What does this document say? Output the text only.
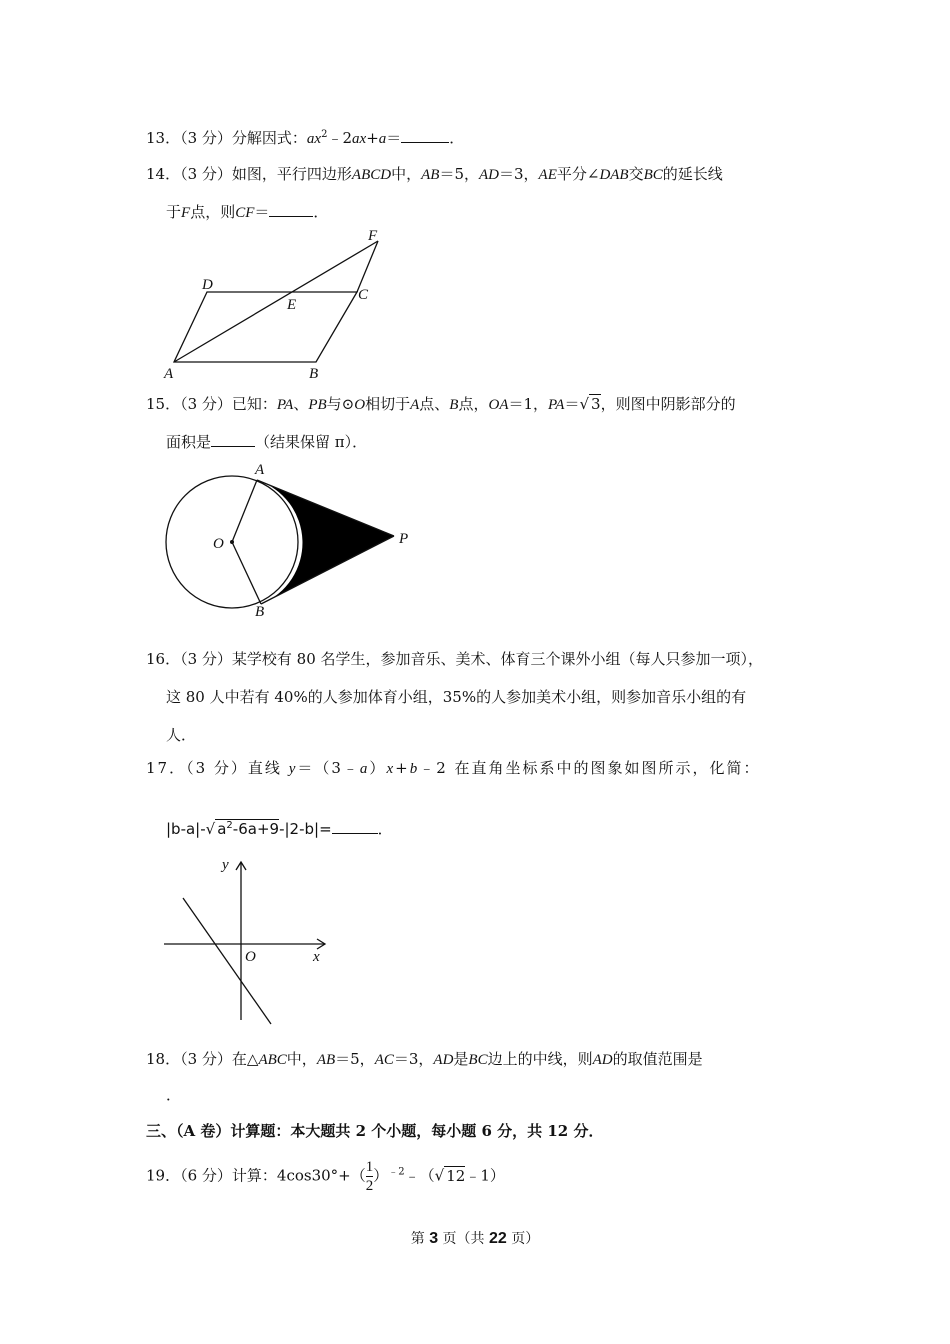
13．（3 分）分解因式：$ax^2﹣2ax+a=$	．
14．（3 分）如图，平行四边形ABCD中，AB＝5，AD＝3，AE平分∠DAB交BC的延长线
于F点，则CF＝	．
A	B
C
D
E
F
15．（3 分）已知：PA、PB与⊙O相切于A点、B点，OA＝1，PA＝√ 3，则图中阴影部分的
面积是	（结果保留 π）．
A
B
O	P
16．（3 分）某学校有 80 名学生，参加音乐、美术、体育三个课外小组（每人只参加一项），
这 80 人中若有 40%的人参加体育小组，35%的人参加美术小组，则参加音乐小组的有
人．
17．（3 分）直线 y＝（3﹣a）x+b﹣2 在直角坐标系中的图象如图所示，化简：
|b-a|-√ $a^2-6a+9-|2-b|=$	．
y
x
O
18．（3 分）在△ABC中，AB＝5，AC＝3，AD是BC边上的中线，则AD的取值范围是
．
三、（A 卷）计算题：本大题共 2 个小题，每小题 6 分，共 12 分．
19．（6 分）计算：$4\cos 30^\circ+( \frac{1}{2}$ ）$^{﹣2}﹣(√$ 12﹣1）
第 3 页（共 22 页）
